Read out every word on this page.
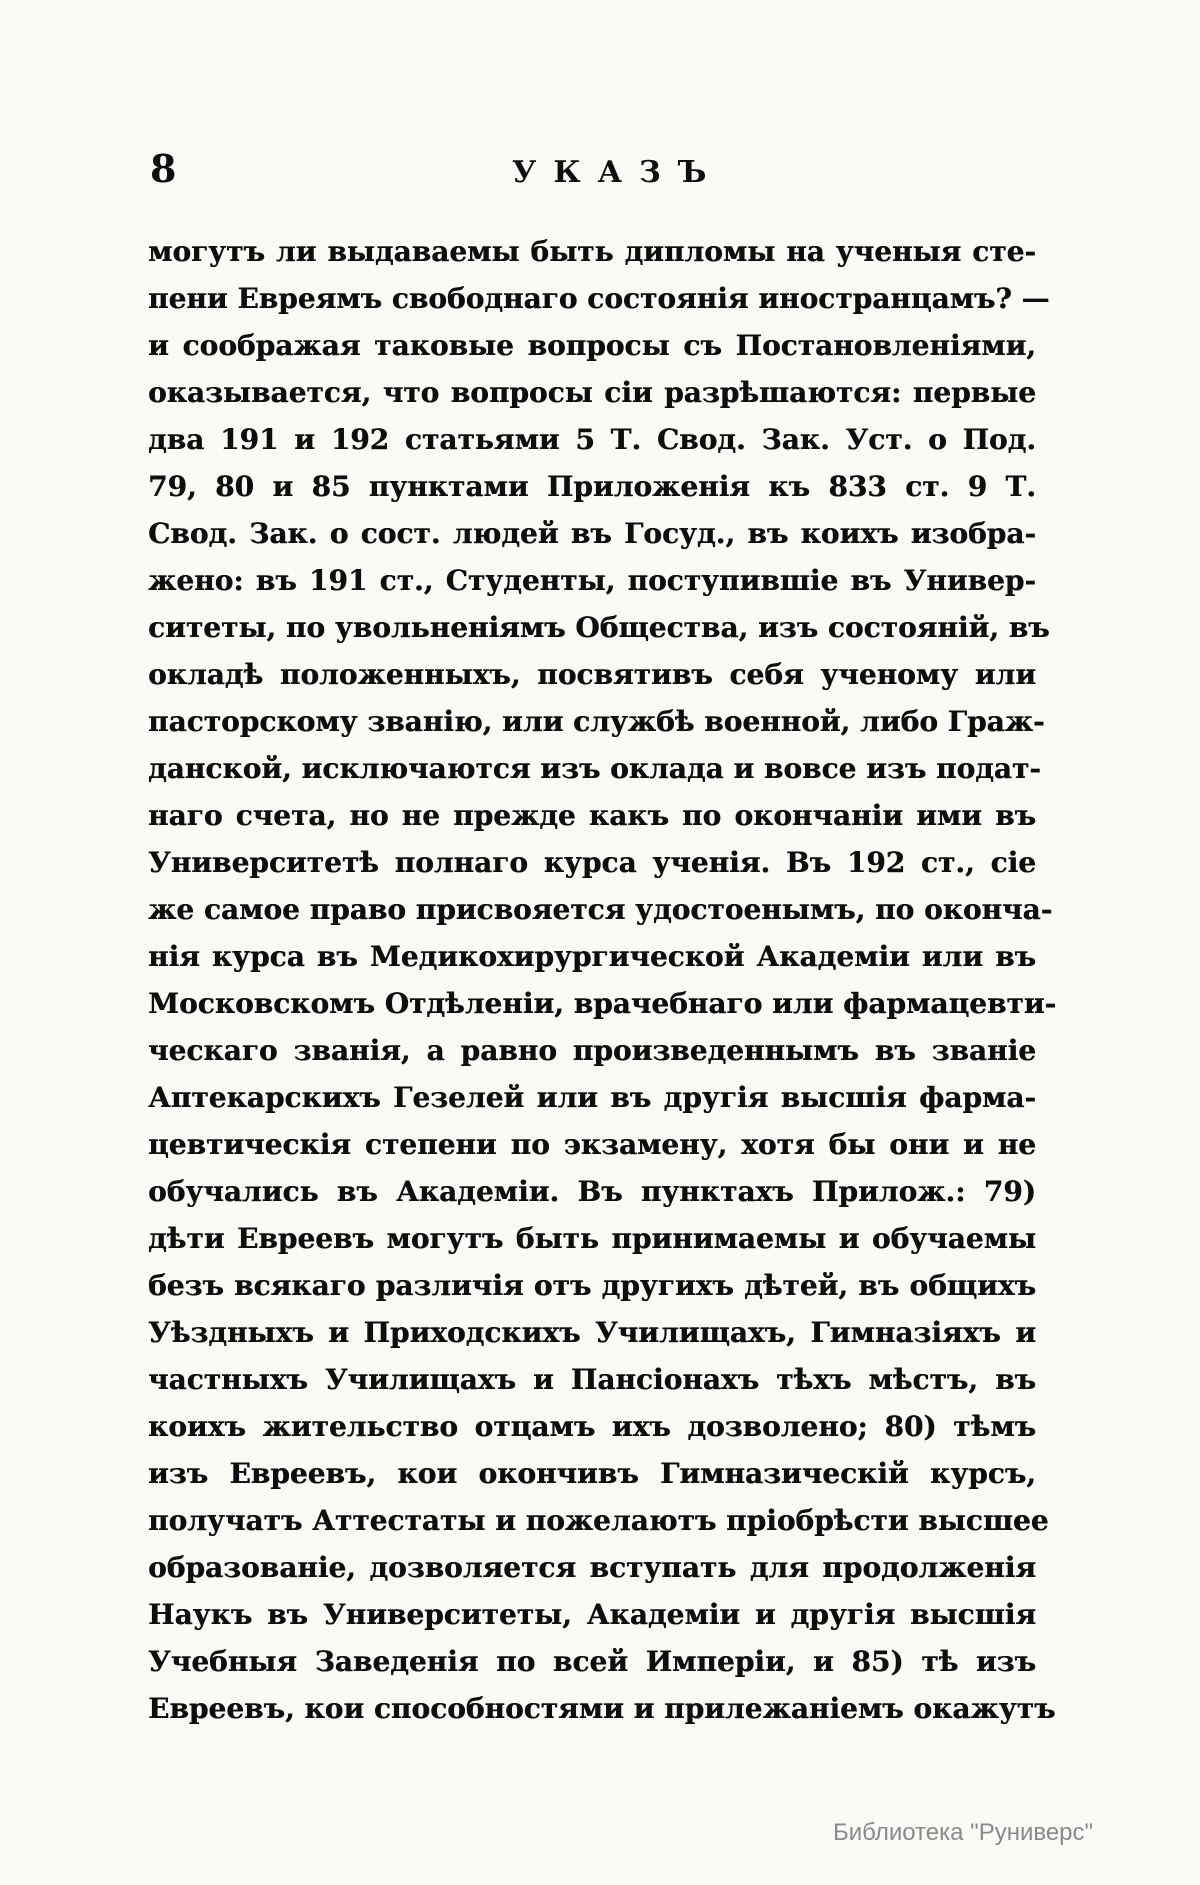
8	УКАЗЪ
могутъ ли выдаваемы быть дипломы на ученыя сте-
пени Евреямъ свободнаго состоянія иностранцамъ? —
и соображая таковые вопросы съ Постановленіями,
оказывается, что вопросы сіи разрѣшаются: первые
два 191 и 192 статьями 5 Т. Свод. Зак. Уст. о Под.
79, 80 и 85 пунктами Приложенія къ 833 ст. 9 Т.
Свод. Зак. о сост. людей въ Госуд., въ коихъ изобра-
жено: въ 191 ст., Студенты, поступившіе въ Универ-
ситеты, по увольненіямъ Общества, изъ состояній, въ
окладѣ положенныхъ, посвятивъ себя ученому или
пасторскому званію, или службѣ военной, либо Граж-
данской, исключаются изъ оклада и вовсе изъ подат-
наго счета, но не прежде какъ по окончаніи ими въ
Университетѣ полнаго курса ученія. Въ 192 ст., сіе
же самое право присвояется удостоенымъ, по оконча-
нія курса въ Медикохирургической Академіи или въ
Московскомъ Отдѣленіи, врачебнаго или фармацевти-
ческаго званія, а равно произведеннымъ въ званіе
Аптекарскихъ Гезелей или въ другія высшія фарма-
цевтическія степени по экзамену, хотя бы они и не
обучались въ Академіи. Въ пунктахъ Прилож.: 79)
дѣти Евреевъ могутъ быть принимаемы и обучаемы
безъ всякаго различія отъ другихъ дѣтей, въ общихъ
Уѣздныхъ и Приходскихъ Училищахъ, Гимназіяхъ и
частныхъ Училищахъ и Пансіонахъ тѣхъ мѣстъ, въ
коихъ жительство отцамъ ихъ дозволено; 80) тѣмъ
изъ Евреевъ, кои окончивъ Гимназическій курсъ,
получатъ Аттестаты и пожелаютъ пріобрѣсти высшее
образованіе, дозволяется вступать для продолженія
Наукъ въ Университеты, Академіи и другія высшія
Учебныя Заведенія по всей Имперіи, и 85) тѣ изъ
Евреевъ, кои способностями и прилежаніемъ окажутъ
Библиотека "Руниверс"
